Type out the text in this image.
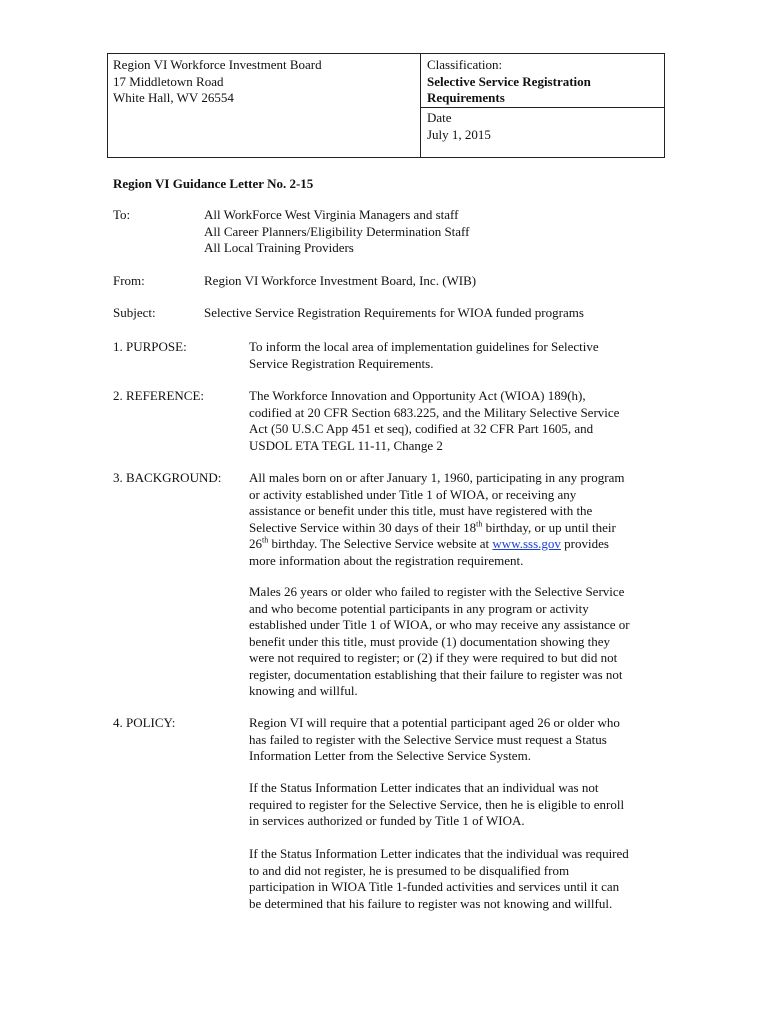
Region VI Workforce Investment Board
17 Middletown Road
White Hall, WV 26554
Classification:
Selective Service Registration
Requirements
Date
July 1, 2015
Region VI Guidance Letter No. 2-15
To:	All WorkForce West Virginia Managers and staff
All Career Planners/Eligibility Determination Staff
All Local Training Providers
From:	Region VI Workforce Investment Board, Inc. (WIB)
Subject:	Selective Service Registration Requirements for WIOA funded programs
1. PURPOSE:	To inform the local area of implementation guidelines for Selective
Service Registration Requirements.
2. REFERENCE:	The Workforce Innovation and Opportunity Act (WIOA) 189(h),
codified at 20 CFR Section 683.225, and the Military Selective Service
Act (50 U.S.C App 451 et seq), codified at 32 CFR Part 1605, and
USDOL ETA TEGL 11-11, Change 2
3. BACKGROUND: All males born on or after January 1, 1960, participating in any program
or activity established under Title 1 of WIOA, or receiving any
assistance or benefit under this title, must have registered with the
Selective Service within 30 days of their 18th birthday, or up until their
26th birthday. The Selective Service website at www.sss.gov provides
more information about the registration requirement.
Males 26 years or older who failed to register with the Selective Service
and who become potential participants in any program or activity
established under Title 1 of WIOA, or who may receive any assistance or
benefit under this title, must provide (1) documentation showing they
were not required to register; or (2) if they were required to but did not
register, documentation establishing that their failure to register was not
knowing and willful.
4. POLICY:	Region VI will require that a potential participant aged 26 or older who
has failed to register with the Selective Service must request a Status
Information Letter from the Selective Service System.
If the Status Information Letter indicates that an individual was not
required to register for the Selective Service, then he is eligible to enroll
in services authorized or funded by Title 1 of WIOA.
If the Status Information Letter indicates that the individual was required
to and did not register, he is presumed to be disqualified from
participation in WIOA Title 1-funded activities and services until it can
be determined that his failure to register was not knowing and willful.
